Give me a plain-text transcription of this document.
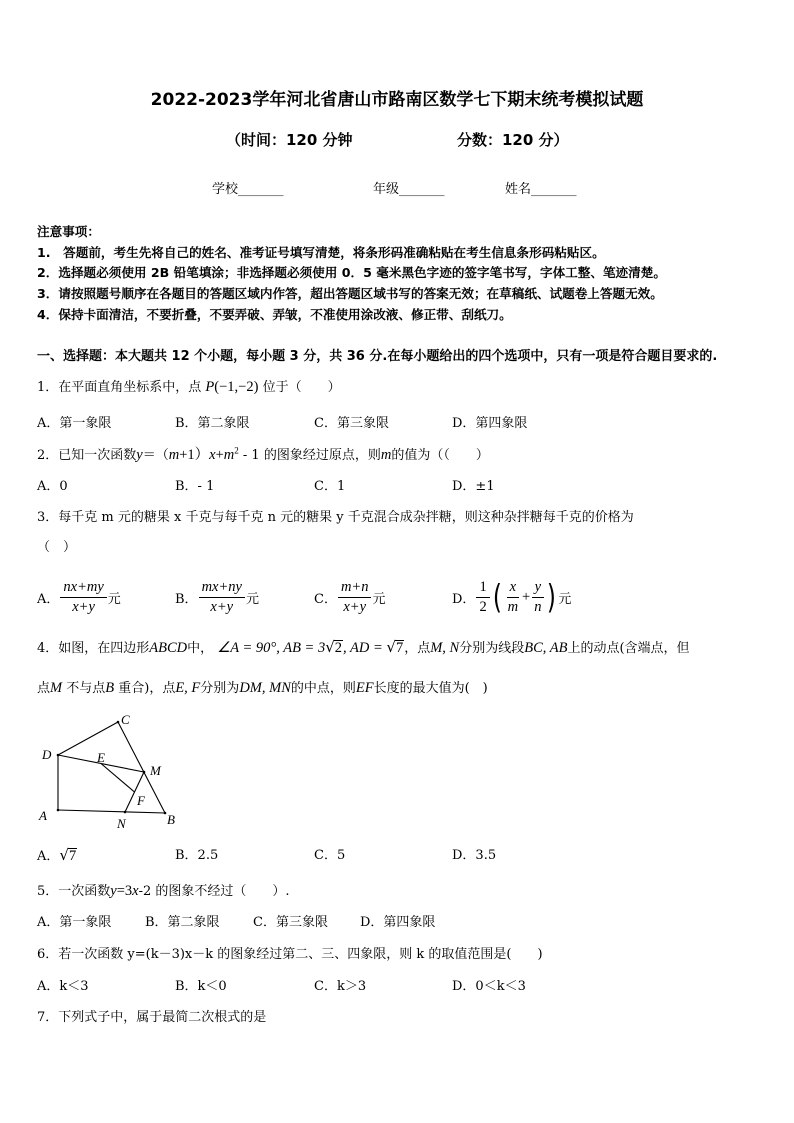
2022-2023学年河北省唐山市路南区数学七下期末统考模拟试题
（时间：120 分钟	分数：120 分）
学校_______	年级_______	姓名_______
注意事项：
1.　答题前，考生先将自己的姓名、准考证号填写清楚，将条形码准确粘贴在考生信息条形码粘贴区。
2．选择题必须使用 2B 铅笔填涂；非选择题必须使用 0．5 毫米黑色字迹的签字笔书写，字体工整、笔迹清楚。
3．请按照题号顺序在各题目的答题区域内作答，超出答题区域书写的答案无效；在草稿纸、试题卷上答题无效。
4．保持卡面清洁，不要折叠，不要弄破、弄皱，不准使用涂改液、修正带、刮纸刀。
一、选择题：本大题共 12 个小题，每小题 3 分，共 36 分.在每小题给出的四个选项中，只有一项是符合题目要求的.
1．在平面直角坐标系中，点 P(−1,−2) 位于（　　）
A．第一象限	B．第二象限	C．第三象限	D．第四象限
2．已知一次函数$y=(m+1)x+m^2 - 1$ 的图象经过原点，则m的值为（（　　）
A．0	B．- 1	C．1	D．±1
3．每千克 m 元的糖果 x 千克与每千克 n 元的糖果 y 千克混合成杂拌糖，则这种杂拌糖每千克的价格为
（　）
A． $\frac{nx+my}{x+y}$ 元	B． $\frac{mx+ny}{x+y}$ 元	C． $\frac{m+n}{x+y}$ 元	D． $\frac{1}{2}$ ( $\frac{x}{m} + \frac{y}{n}$ ) 元
4．如图，在四边形ABCD中， ∠A = 90°, AB = 3√2, AD = √7，点M, N分别为线段BC, AB上的动点(含端点，但
点M 不与点B 重合)，点E, F分别为DM, MN的中点，则EF长度的最大值为(　)
C
D	E
M
F
A
N	B
A．√7	B．2.5	C．5	D．3.5
5．一次函数y=3x-2 的图象不经过（　　）.
A．第一象限	B．第二象限	C．第三象限 D．第四象限
6．若一次函数 y=(k－3)x－k 的图象经过第二、三、四象限，则 k 的取值范围是(　　)
A．k＜3	B．k＜0	C．k＞3	D．0＜k＜3
7．下列式子中，属于最简二次根式的是
